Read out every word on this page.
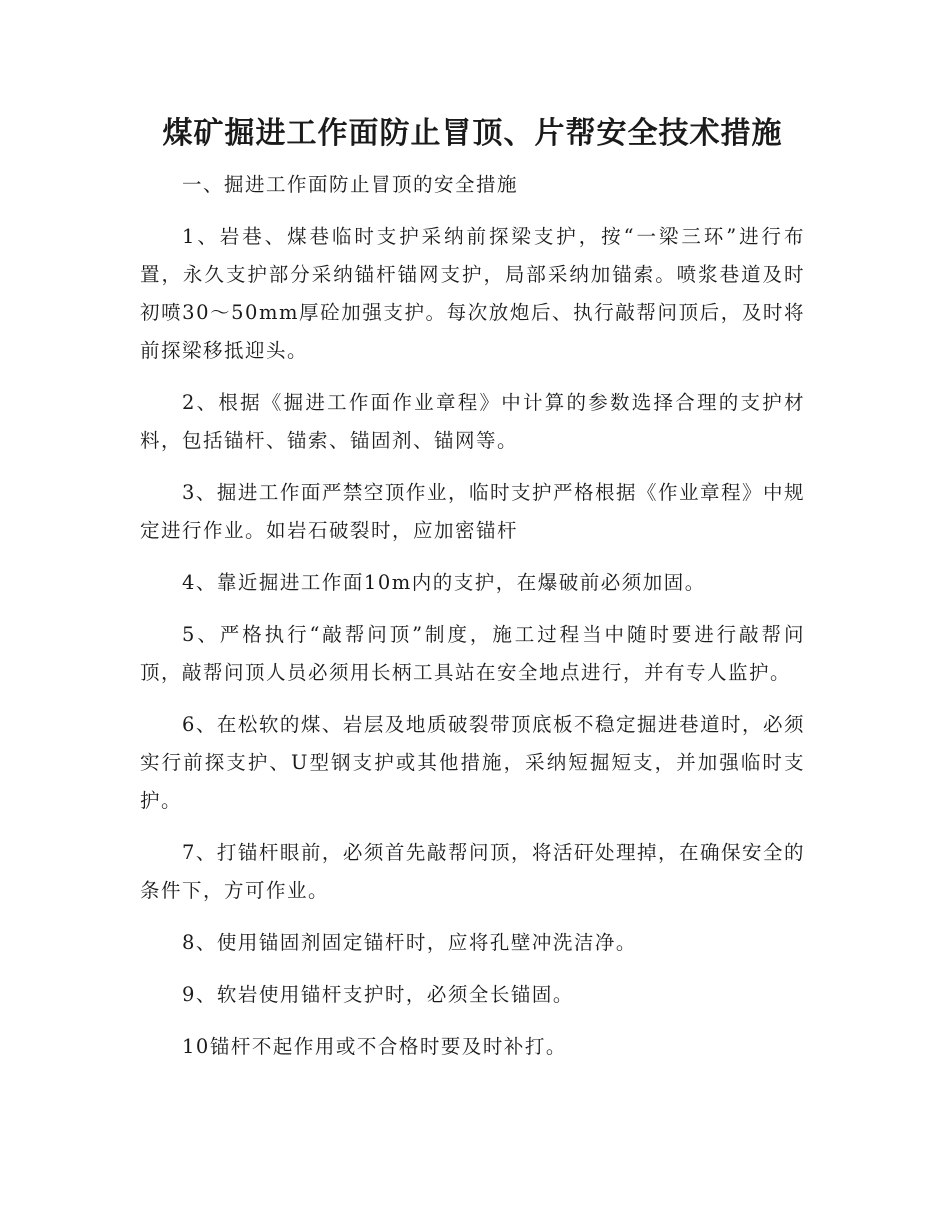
煤矿掘进工作面防止冒顶、片帮安全技术措施

一、掘进工作面防止冒顶的安全措施

1、岩巷、煤巷临时支护采纳前探梁支护，按“一梁三环”进行布置，永久支护部分采纳锚杆锚网支护，局部采纳加锚索。喷浆巷道及时初喷30～50mm厚砼加强支护。每次放炮后、执行敲帮问顶后，及时将前探梁移抵迎头。

2、根据《掘进工作面作业章程》中计算的参数选择合理的支护材料，包括锚杆、锚索、锚固剂、锚网等。

3、掘进工作面严禁空顶作业，临时支护严格根据《作业章程》中规定进行作业。如岩石破裂时，应加密锚杆

4、靠近掘进工作面10m内的支护，在爆破前必须加固。

5、严格执行“敲帮问顶”制度，施工过程当中随时要进行敲帮问顶，敲帮问顶人员必须用长柄工具站在安全地点进行，并有专人监护。

6、在松软的煤、岩层及地质破裂带顶底板不稳定掘进巷道时，必须实行前探支护、U型钢支护或其他措施，采纳短掘短支，并加强临时支护。

7、打锚杆眼前，必须首先敲帮问顶，将活矸处理掉，在确保安全的条件下，方可作业。

8、使用锚固剂固定锚杆时，应将孔壁冲洗洁净。

9、软岩使用锚杆支护时，必须全长锚固。

10锚杆不起作用或不合格时要及时补打。
